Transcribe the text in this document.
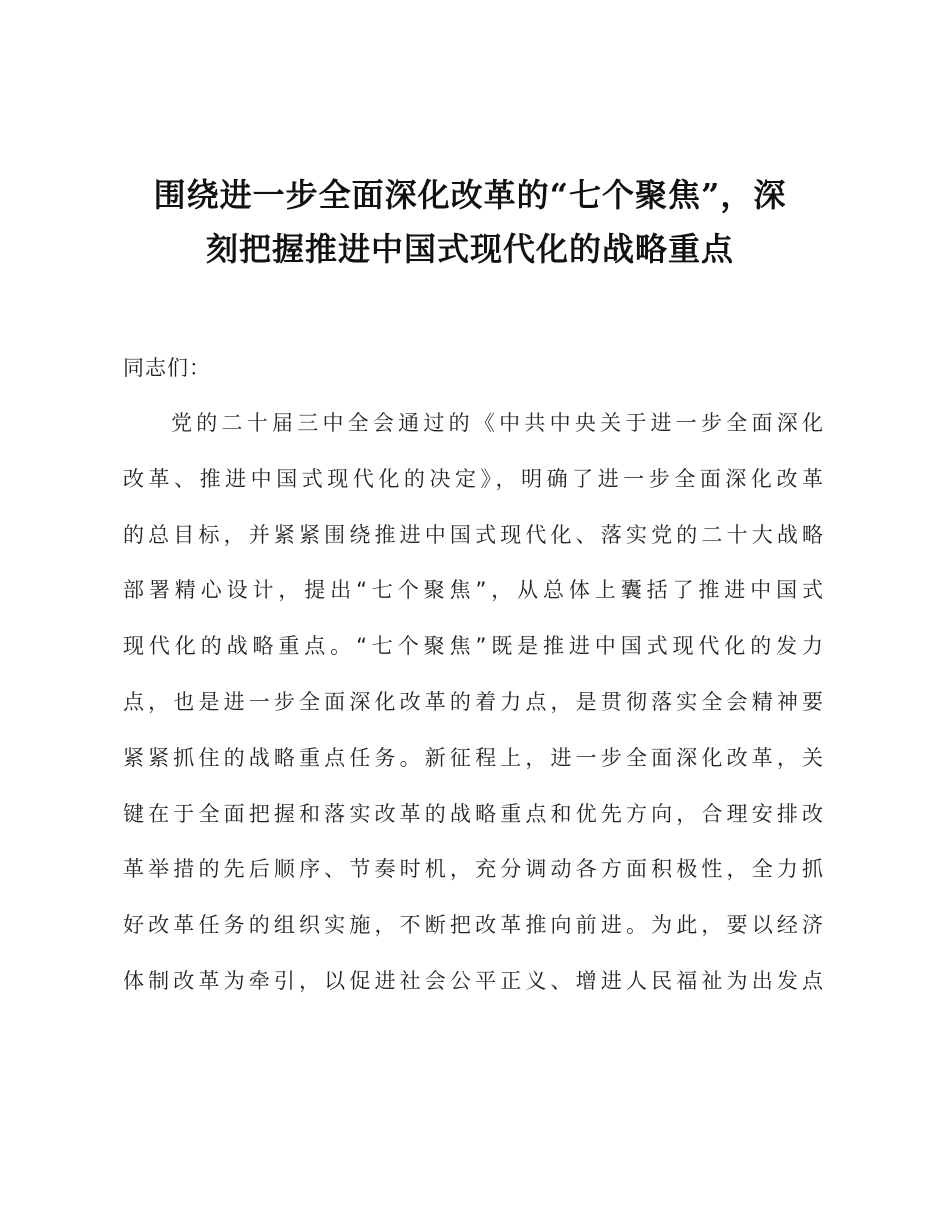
围绕进一步全面深化改革的“七个聚焦”，深
刻把握推进中国式现代化的战略重点
同志们：
党的二十届三中全会通过的《中共中央关于进一步全面深化
改革、推进中国式现代化的决定》，明确了进一步全面深化改革
的总目标，并紧紧围绕推进中国式现代化、落实党的二十大战略
部署精心设计，提出“七个聚焦”，从总体上囊括了推进中国式
现代化的战略重点。“七个聚焦”既是推进中国式现代化的发力
点，也是进一步全面深化改革的着力点，是贯彻落实全会精神要
紧紧抓住的战略重点任务。新征程上，进一步全面深化改革，关
键在于全面把握和落实改革的战略重点和优先方向，合理安排改
革举措的先后顺序、节奏时机，充分调动各方面积极性，全力抓
好改革任务的组织实施，不断把改革推向前进。为此，要以经济
体制改革为牵引，以促进社会公平正义、增进人民福祉为出发点
